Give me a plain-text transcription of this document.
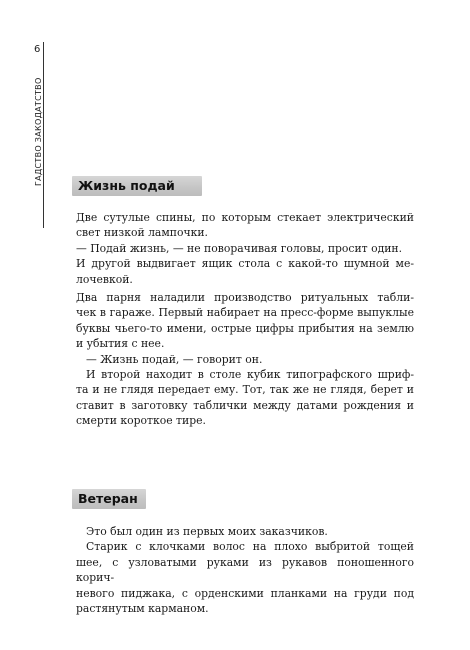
6
ГАДСТВО ЗАКОДАТСТВО	Жизнь подай
Две сутулые спины, по которым стекает электрический
свет низкой лампочки.
— Подай жизнь, — не поворачивая головы, просит один.
И другой выдвигает ящик стола с какой-то шумной ме-
лочевкой.
Два парня наладили производство ритуальных табли-
чек в гараже. Первый набирает на пресс-форме выпуклые
буквы чьего-то имени, острые цифры прибытия на землю
и убытия с нее.
— Жизнь подай, — говорит он.
И второй находит в столе кубик типографского шриф-
та и не глядя передает ему. Тот, так же не глядя, берет и
ставит в заготовку таблички между датами рождения и
смерти короткое тире.
Ветеран
Это был один из первых моих заказчиков.
Старик с клочками волос на плохо выбритой тощей
шее, с узловатыми руками из рукавов поношенного корич-
невого пиджака, с орденскими планками на груди под
растянутым карманом.
